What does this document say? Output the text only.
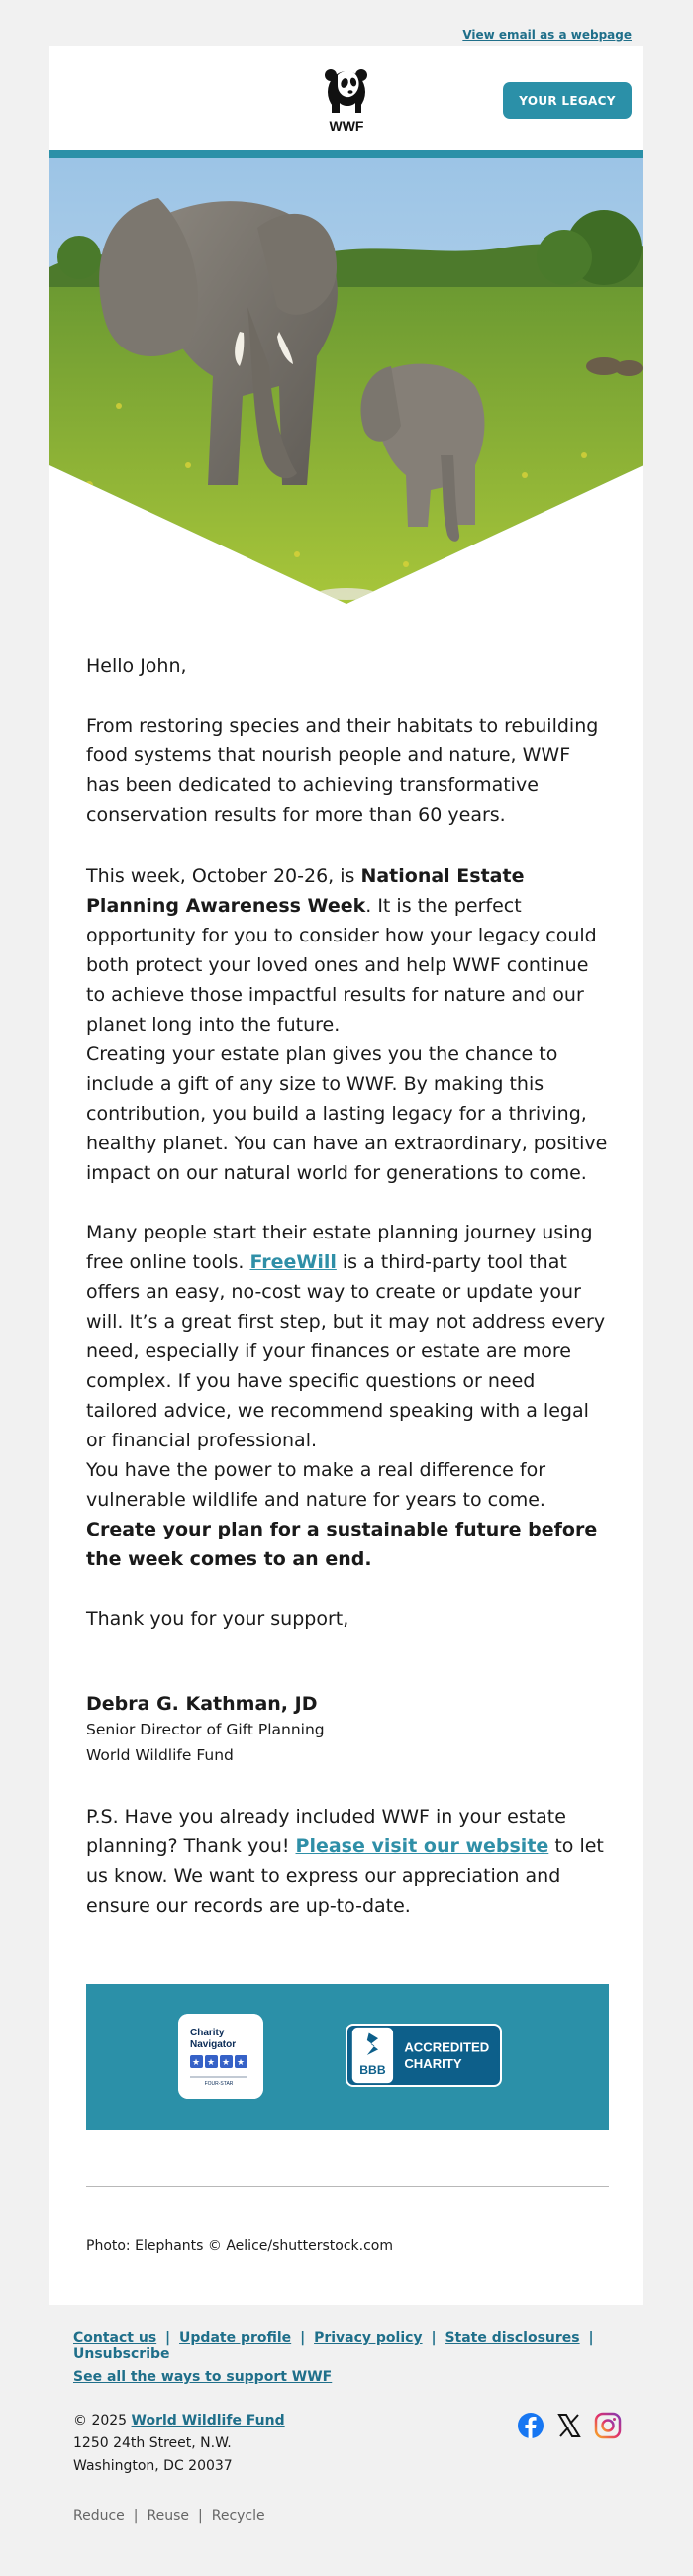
View email as a webpage
WWF
YOUR LEGACY

Hello John,

From restoring species and their habitats to rebuilding food systems that nourish people and nature, WWF has been dedicated to achieving transformative conservation results for more than 60 years.

This week, October 20-26, is National Estate Planning Awareness Week. It is the perfect opportunity for you to consider how your legacy could both protect your loved ones and help WWF continue to achieve those impactful results for nature and our planet long into the future.

Creating your estate plan gives you the chance to include a gift of any size to WWF. By making this contribution, you build a lasting legacy for a thriving, healthy planet. You can have an extraordinary, positive impact on our natural world for generations to come.

Many people start their estate planning journey using free online tools. FreeWill is a third-party tool that offers an easy, no-cost way to create or update your will. It’s a great first step, but it may not address every need, especially if your finances or estate are more complex. If you have specific questions or need tailored advice, we recommend speaking with a legal or financial professional.

You have the power to make a real difference for vulnerable wildlife and nature for years to come. Create your plan for a sustainable future before the week comes to an end.

Thank you for your support,

Debra G. Kathman, JD
Senior Director of Gift Planning
World Wildlife Fund

P.S. Have you already included WWF in your estate planning? Thank you! Please visit our website to let us know. We want to express our appreciation and ensure our records are up-to-date.

Charity
Navigator
★ ★ ★ ★
FOUR-STAR
BBB
ACCREDITED
CHARITY
Photo: Elephants © Aelice/shutterstock.com
Contact us | Update profile | Privacy policy | State disclosures | Unsubscribe
See all the ways to support WWF
© 2025 World Wildlife Fund
1250 24th Street, N.W.
Washington, DC 20037
Reduce | Reuse | Recycle
